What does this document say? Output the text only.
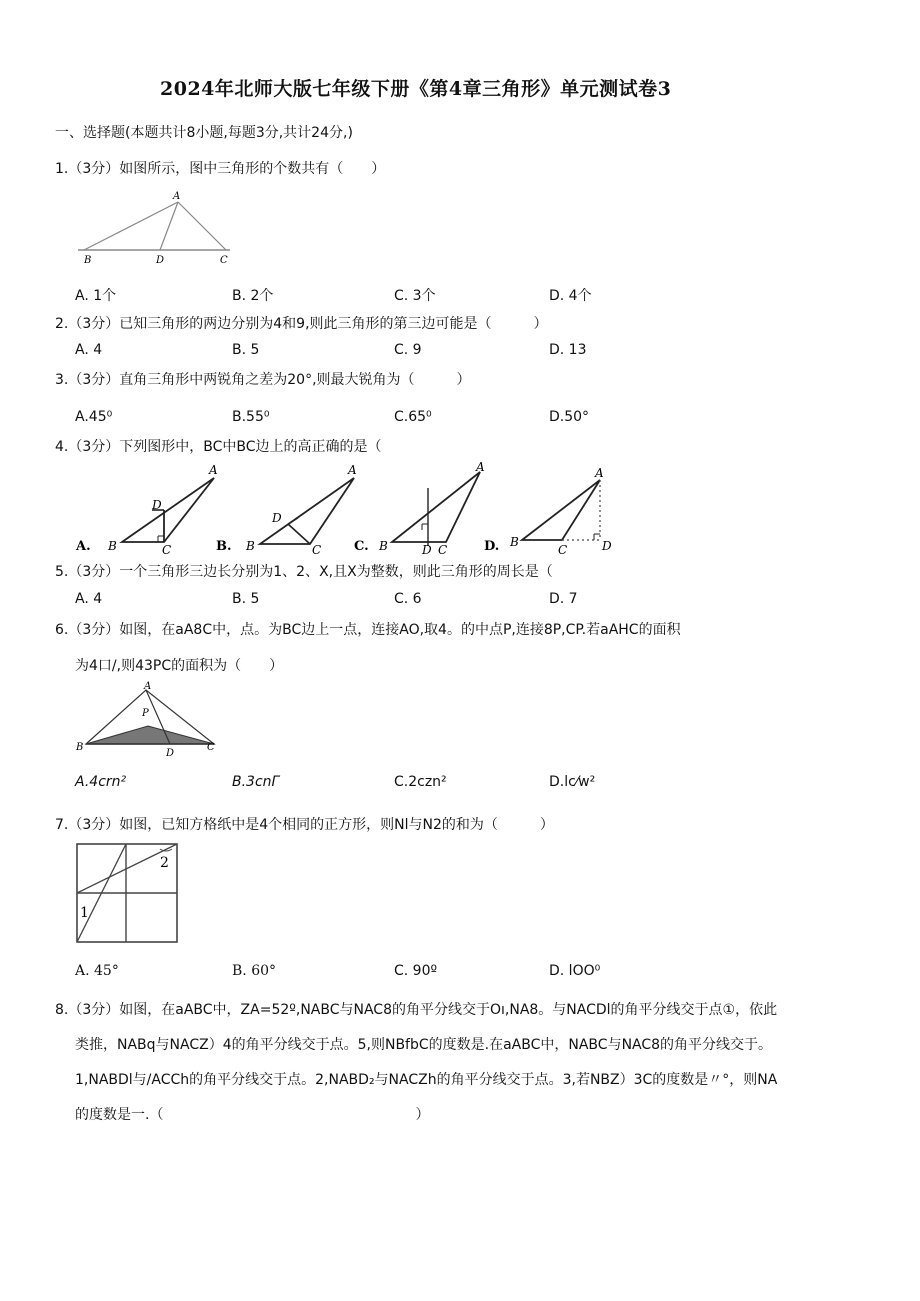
2024年北师大版七年级下册《第4章三角形》单元测试卷3
一、选择题(本题共计8小题,每题3分,共计24分,)
1.（3分）如图所示，图中三角形的个数共有（　　）
A
B	D	C
A. 1个	B. 2个	C. 3个	D. 4个
2.（3分）已知三角形的两边分别为4和9,则此三角形的第三边可能是（　　　）
A. 4	B. 5	C. 9	D. 13
3.（3分）直角三角形中两锐角之差为20°,则最大锐角为（　　　）
A.45⁰	B.55⁰	C.65⁰	D.50°
4.（3分）下列图形中，BC中BC边上的高正确的是（
A.
A
B	C
D
B.
A
B	C
D
C.
A
B	C
D	D.
A
B
C	D
5.（3分）一个三角形三边长分别为1、2、X,且X为整数，则此三角形的周长是（
A. 4	B. 5	C. 6	D. 7
6.（3分）如图，在aA8C中，点。为BC边上一点，连接AO,取4。的中点P,连接8P,CP.若aAHC的面积
为4口/,则43PC的面积为（　　）
A
P
B
D
C
A.4crn²	B.3cnΓ	C.2czn²	D.lc⁄w²
7.（3分）如图，已知方格纸中是4个相同的正方形，则Nl与N2的和为（　　　）
1
2
A. 45°	B. 60°	C. 90º	D. lOO⁰
8.（3分）如图，在aABC中，ZA=52º,NABC与NAC8的角平分线交于Oı,NA8。与NACDl的角平分线交于点①，依此
类推，NABq与NACZ）4的角平分线交于点。5,则NBfbC的度数是.在aABC中，NABC与NAC8的角平分线交于。
1,NABDl与/ACCh的角平分线交于点。2,NABD₂与NACZh的角平分线交于点。3,若NBZ）3C的度数是〃°，则NA
的度数是一.（　　　　　　　　　　　　　　　　　　）
